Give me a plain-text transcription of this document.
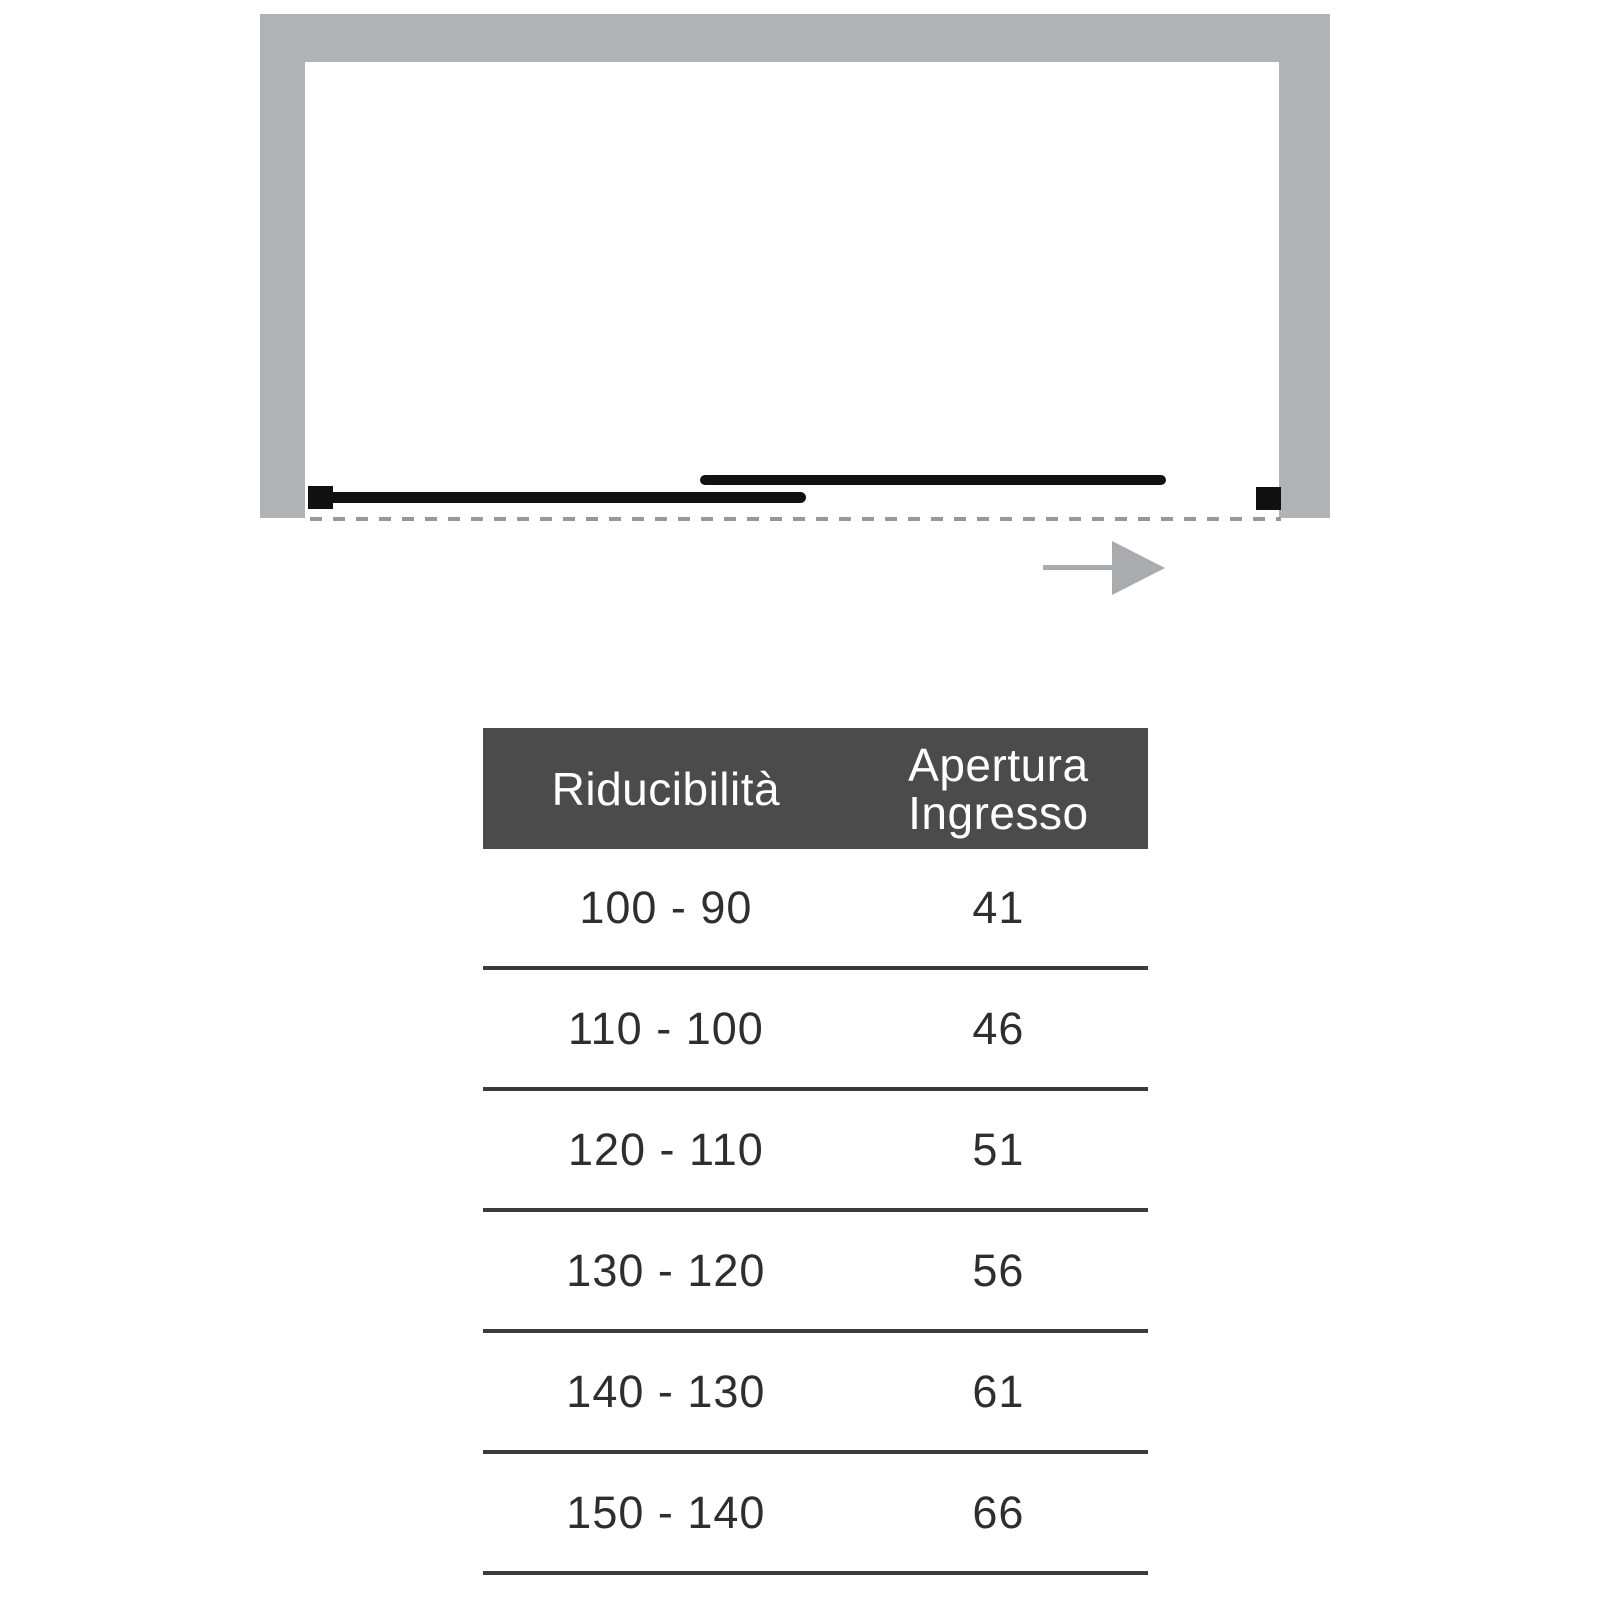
Riducibilità	Apertura
Ingresso
100 - 90	41
110 - 100	46
120 - 110	51
130 - 120	56
140 - 130	61
150 - 140	66
